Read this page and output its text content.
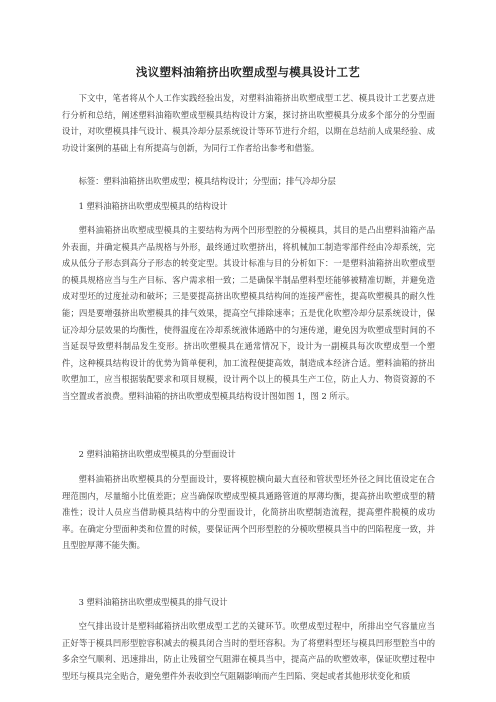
浅议塑料油箱挤出吹塑成型与模具设计工艺

下文中，笔者将从个人工作实践经验出发，对塑料油箱挤出吹塑成型工艺、模具设计工艺要点进行分析和总结，阐述塑料油箱吹塑成型模具结构设计方案，探讨挤出吹塑模具分成多个部分的分型面设计，对吹塑模具排气设计、模具冷却分层系统设计等环节进行介绍，以期在总结前人成果经验、成功设计案例的基础上有所提高与创新，为同行工作者给出参考和借鉴。

标签：塑料油箱挤出吹塑成型；模具结构设计；分型面；排气冷却分层

1 塑料油箱挤出吹塑成型模具的结构设计

塑料油箱挤出吹塑成型模具的主要结构为两个凹形型腔的分模模具，其目的是凸出塑料油箱产品外表面，并确定模具产品规格与外形，最终通过吹塑挤出，将机械加工制造零部件经由冷却系统，完成从低分子形态到高分子形态的转变定型。其设计标准与目的分析如下：一是塑料油箱挤出吹塑成型的模具规格应当与生产目标、客户需求相一致；二是确保半制品塑料型坯能够被精准切断，并避免造成对型坯的过度扯动和破坏；三是要提高挤出吹塑模具结构间的连接严密性，提高吹塑模具的耐久性能；四是要增强挤出吹塑模具的排气效果，提高空气排除速率；五是优化吹塑冷却分层系统设计，保证冷却分层效果的均衡性，使得温度在冷却系统液体通路中的匀速传递，避免因为吹塑成型时间的不当延误导致塑料制品发生变形。挤出吹塑模具在通常情况下，设计为一副模具每次吹塑成型一个塑件，这种模具结构设计的优势为简单便利，加工流程便捷高效，制造成本经济合适。塑料油箱的挤出吹塑加工，应当根据装配要求和项目规模，设计两个以上的模具生产工位，防止人力、物资资源的不当空置或者浪费。塑料油箱的挤出吹塑成型模具结构设计图如图 1，图 2 所示。

2 塑料油箱挤出吹塑成型模具的分型面设计

塑料油箱挤出吹塑模具的分型面设计，要将模腔横向最大直径和管状型坯外径之间比值设定在合理范围内，尽量缩小比值差距；应当确保吹塑成型模具通路管道的厚薄均衡，提高挤出吹塑成型的精准性；设计人员应当借助模具结构中的分型面设计，化简挤出吹塑制造流程，提高塑件脱模的成功率。在确定分型面种类和位置的时候，要保证两个凹形型腔的分模吹塑模具当中的凹陷程度一致，并且型腔厚薄不能失衡。

3 塑料油箱挤出吹塑成型模具的排气设计

空气排出设计是塑料邮箱挤出吹塑成型工艺的关键环节。吹塑成型过程中，所排出空气容量应当正好等于模具凹形型腔容积减去的模具闭合当时的型坯容积。为了将塑料型坯与模具凹形型腔当中的多余空气顺利、迅速排出，防止让残留空气阻滞在模具当中，提高产品的吹塑效率，保证吹塑过程中型坯与模具完全贴合，避免塑件外表收到空气阻隔影响而产生凹陷、突起或者其他形状变化和质
